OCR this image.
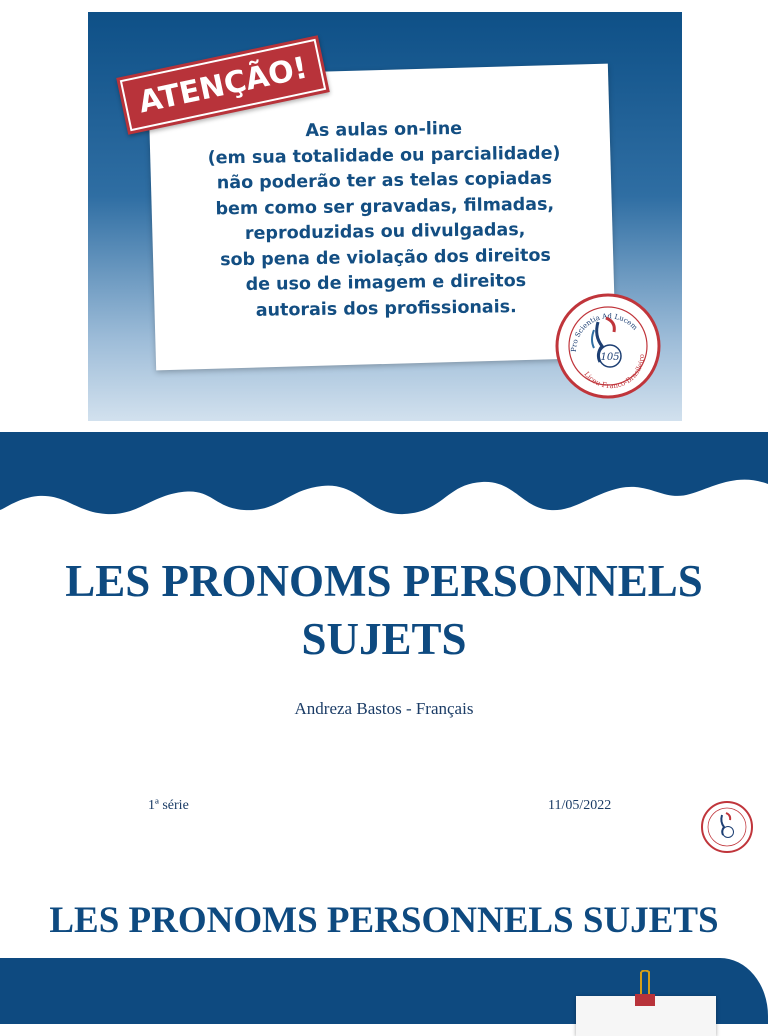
As aulas on-line
(em sua totalidade ou parcialidade)
não poderão ter as telas copiadas
bem como ser gravadas, filmadas,
reproduzidas ou divulgadas,
sob pena de violação dos direitos
de uso de imagem e direitos
autorais dos profissionais.

ATENÇÃO!
Pro Scientia Ad Lucem
Liceu Franco-Brasileiro
105
LES PRONOMS PERSONNELS SUJETS

Andreza Bastos - Français

1ª série	11/05/2022
LES PRONOMS PERSONNELS SUJETS
